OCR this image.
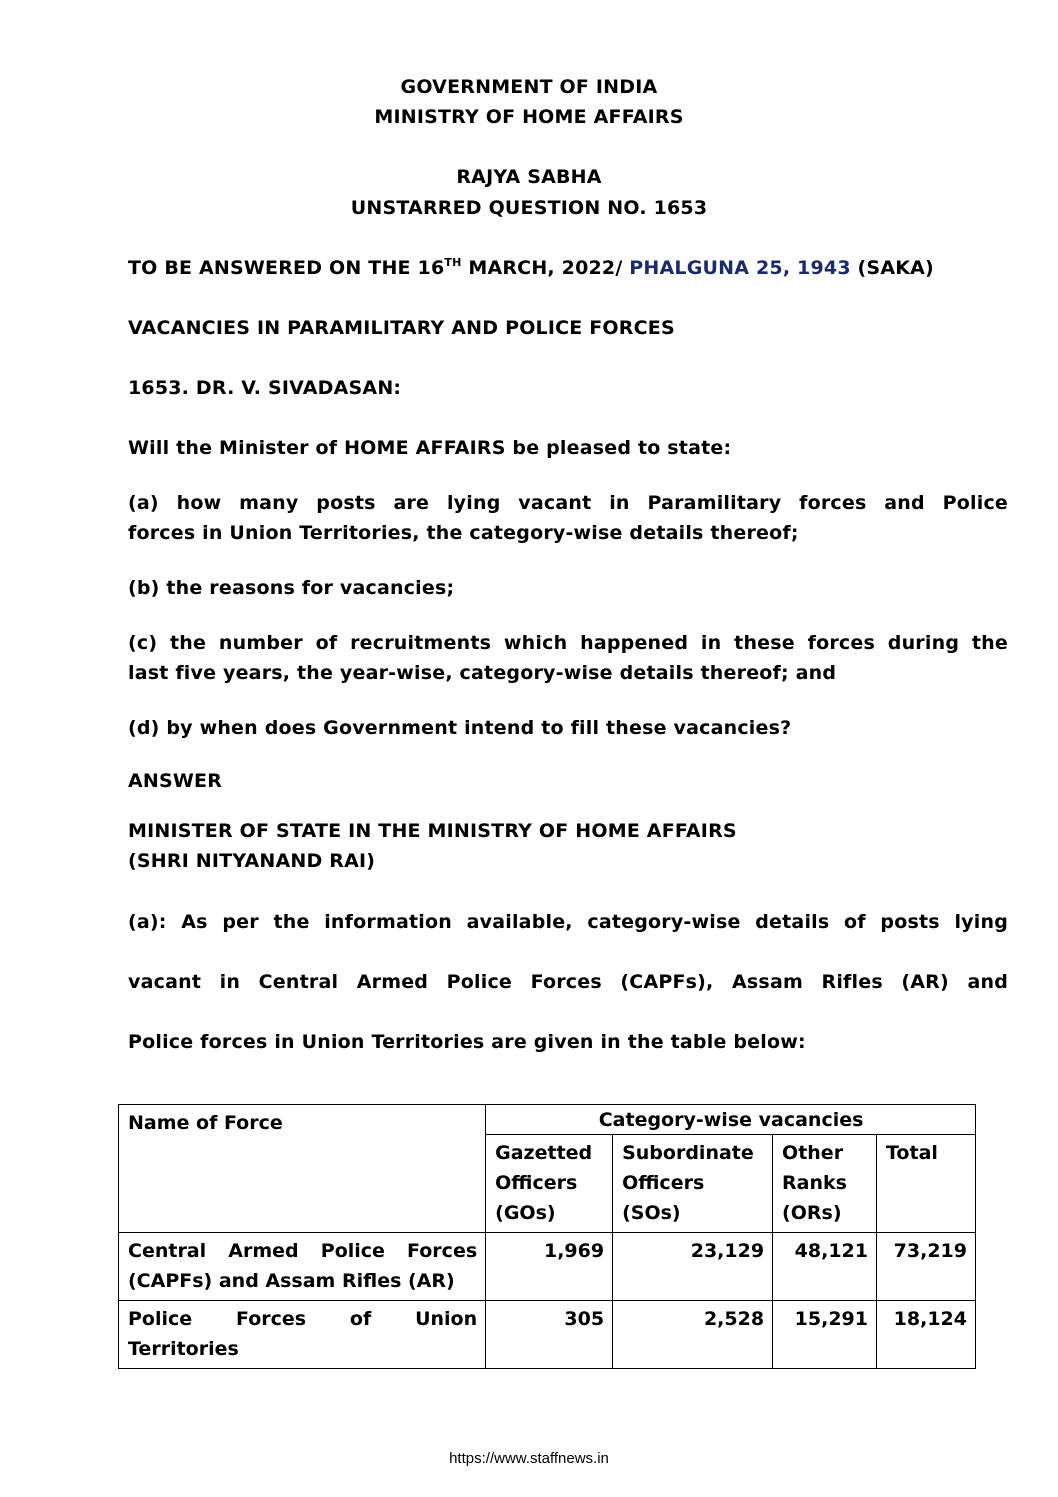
GOVERNMENT OF INDIA
MINISTRY OF HOME AFFAIRS
RAJYA SABHA
UNSTARRED QUESTION NO. 1653
TO BE ANSWERED ON THE 16TH MARCH, 2022/ PHALGUNA 25, 1943 (SAKA)
VACANCIES IN PARAMILITARY AND POLICE FORCES
1653. DR. V. SIVADASAN:
Will the Minister of HOME AFFAIRS be pleased to state:
(a) how many posts are lying vacant in Paramilitary forces and Police
forces in Union Territories, the category-wise details thereof;
(b) the reasons for vacancies;
(c) the number of recruitments which happened in these forces during the
last five years, the year-wise, category-wise details thereof; and
(d) by when does Government intend to fill these vacancies?
ANSWER
MINISTER OF STATE IN THE MINISTRY OF HOME AFFAIRS
(SHRI NITYANAND RAI)
(a): As per the information available, category-wise details of posts lying
vacant in Central Armed Police Forces (CAPFs), Assam Rifles (AR) and
Police forces in Union Territories are given in the table below:
Name of Force	Category-wise vacancies			
	Gazetted Officers (GOs)	Subordinate Officers (SOs)	Other Ranks (ORs)	Total
Central Armed Police Forces (CAPFs) and Assam Rifles (AR)	1,969	23,129	48,121	73,219
Police Forces of Union Territories	305	2,528	15,291	18,124
https://www.staffnews.in
